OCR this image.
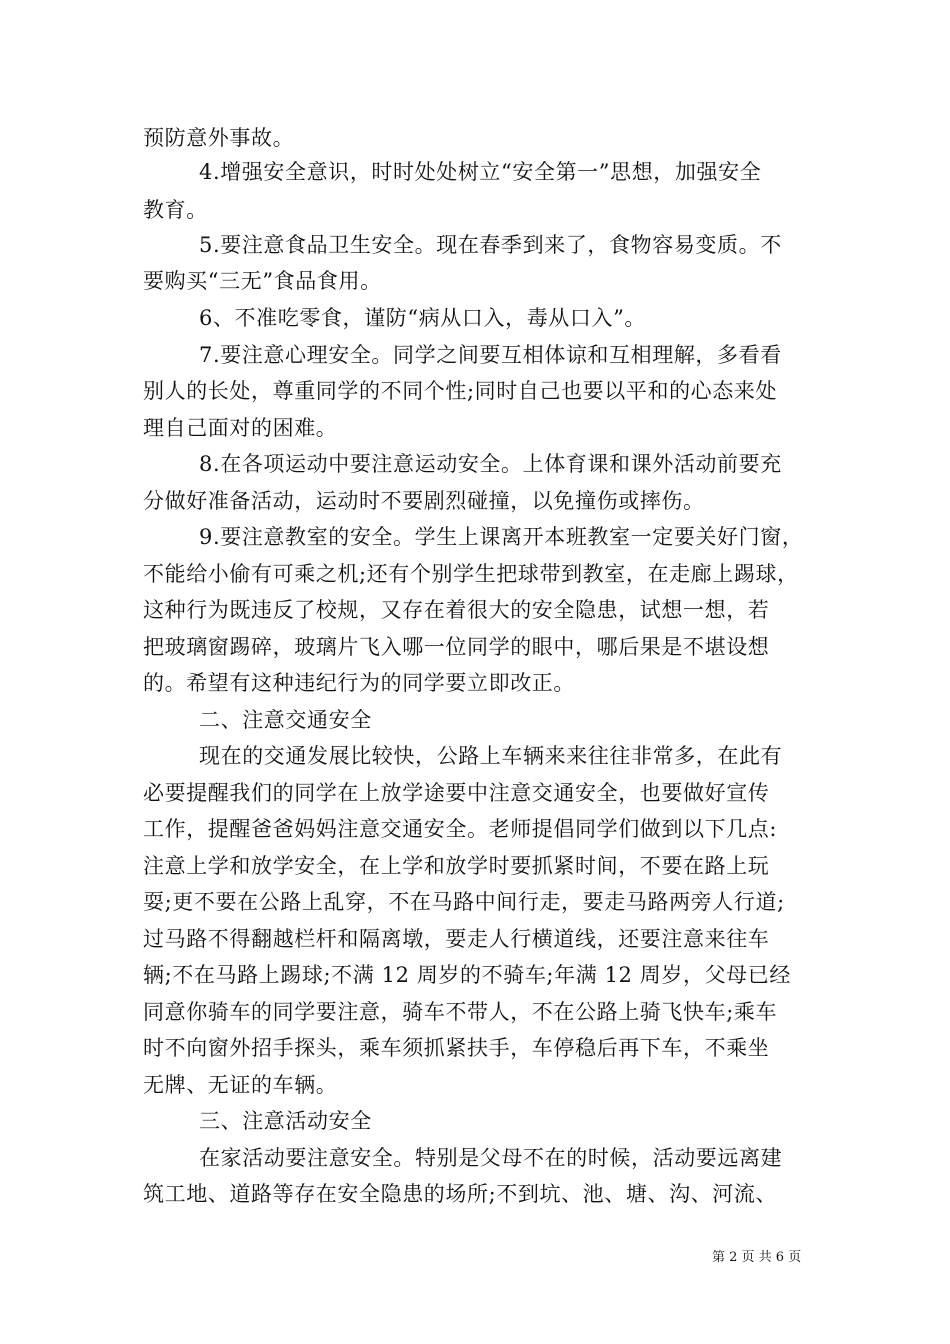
预防意外事故。

4.增强安全意识，时时处处树立“安全第一”思想，加强安全

教育。

5.要注意食品卫生安全。现在春季到来了，食物容易变质。不

要购买“三无”食品食用。

6、不准吃零食，谨防“病从口入，毒从口入”。

7.要注意心理安全。同学之间要互相体谅和互相理解，多看看

别人的长处，尊重同学的不同个性;同时自己也要以平和的心态来处

理自己面对的困难。

8.在各项运动中要注意运动安全。上体育课和课外活动前要充

分做好准备活动，运动时不要剧烈碰撞，以免撞伤或摔伤。

9.要注意教室的安全。学生上课离开本班教室一定要关好门窗，

不能给小偷有可乘之机;还有个别学生把球带到教室，在走廊上踢球，

这种行为既违反了校规，又存在着很大的安全隐患，试想一想，若

把玻璃窗踢碎，玻璃片飞入哪一位同学的眼中，哪后果是不堪设想

的。希望有这种违纪行为的同学要立即改正。

二、注意交通安全

现在的交通发展比较快，公路上车辆来来往往非常多，在此有

必要提醒我们的同学在上放学途要中注意交通安全，也要做好宣传

工作，提醒爸爸妈妈注意交通安全。老师提倡同学们做到以下几点:

注意上学和放学安全，在上学和放学时要抓紧时间，不要在路上玩

耍;更不要在公路上乱穿，不在马路中间行走，要走马路两旁人行道;

过马路不得翻越栏杆和隔离墩，要走人行横道线，还要注意来往车

辆;不在马路上踢球;不满 12 周岁的不骑车;年满 12 周岁，父母已经

同意你骑车的同学要注意，骑车不带人，不在公路上骑飞快车;乘车

时不向窗外招手探头，乘车须抓紧扶手，车停稳后再下车，不乘坐

无牌、无证的车辆。

三、注意活动安全

在家活动要注意安全。特别是父母不在的时候，活动要远离建

筑工地、道路等存在安全隐患的场所;不到坑、池、塘、沟、河流、

第 2 页 共 6 页
